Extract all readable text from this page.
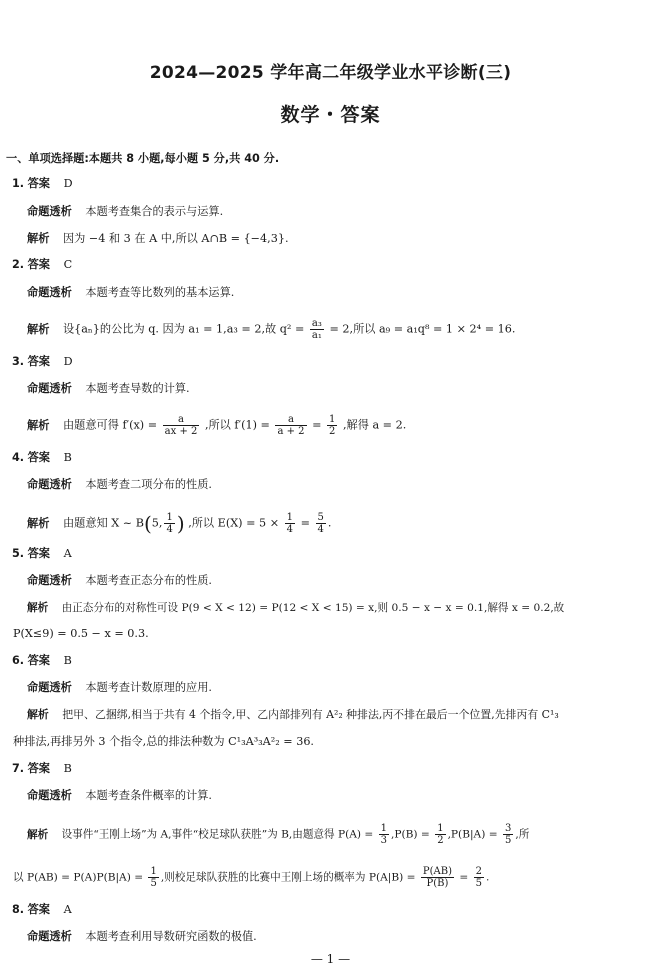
2024—2025 学年高二年级学业水平诊断(三)
数学・答案
一、单项选择题:本题共 8 小题,每小题 5 分,共 40 分.
1. 答案 D
命题透析 本题考查集合的表示与运算.
解析 因为 −4 和 3 在 A 中,所以 A∩B = {−4,3}.
2. 答案 C
命题透析 本题考查等比数列的基本运算.
解析 设{aₙ}的公比为 q. 因为 a₁ = 1,a₃ = 2,故 $q^2 = \frac{\text{a₃}}{\text{a₁}} = 2$,所以 a₉ = a₁q⁸ = 1 × 2⁴ = 16.
3. 答案 D
命题透析 本题考查导数的计算.
解析 由题意可得 $f'(x) = \frac{a}{ax + 2}$ ,所以 $f'(1) = \frac{a}{a + 2} = \frac{1}{2}$ ,解得 a = 2.
4. 答案 B
命题透析 本题考查二项分布的性质.
解析 由题意知 X ~ B(5, $\frac{1}{4}$ ) ,所以 $E(X) = 5 \times \frac{1}{4} = \frac{5}{4}$ .
5. 答案 A
命题透析 本题考查正态分布的性质.
解析 由正态分布的对称性可设 P(9 < X < 12) = P(12 < X < 15) = x,则 0.5 − x − x = 0.1,解得 x = 0.2,故
P(X≤9) = 0.5 − x = 0.3.
6. 答案 B
命题透析 本题考查计数原理的应用.
解析 把甲、乙捆绑,相当于共有 4 个指令,甲、乙内部排列有 A²₂ 种排法,丙不排在最后一个位置,先排丙有 C¹₃
种排法,再排另外 3 个指令,总的排法种数为 C¹₃A³₃A²₂ = 36.
7. 答案 B
命题透析 本题考查条件概率的计算.
解析 设事件“王刚上场”为 A,事件“校足球队获胜”为 B,由题意得 $P(A) = \frac{1}{3} ,P(B) = \frac{1}{2} ,P(B|A) = \frac{3}{5}$ ,所
以 $P(AB) = P(A)P(B|A) = \frac{1}{5}$ ,则校足球队获胜的比赛中王刚上场的概率为 $P(A|B) = \frac{P(AB)}{P(B)} = \frac{2}{5}$ .
8. 答案 A
命题透析 本题考查利用导数研究函数的极值.
— 1 —
